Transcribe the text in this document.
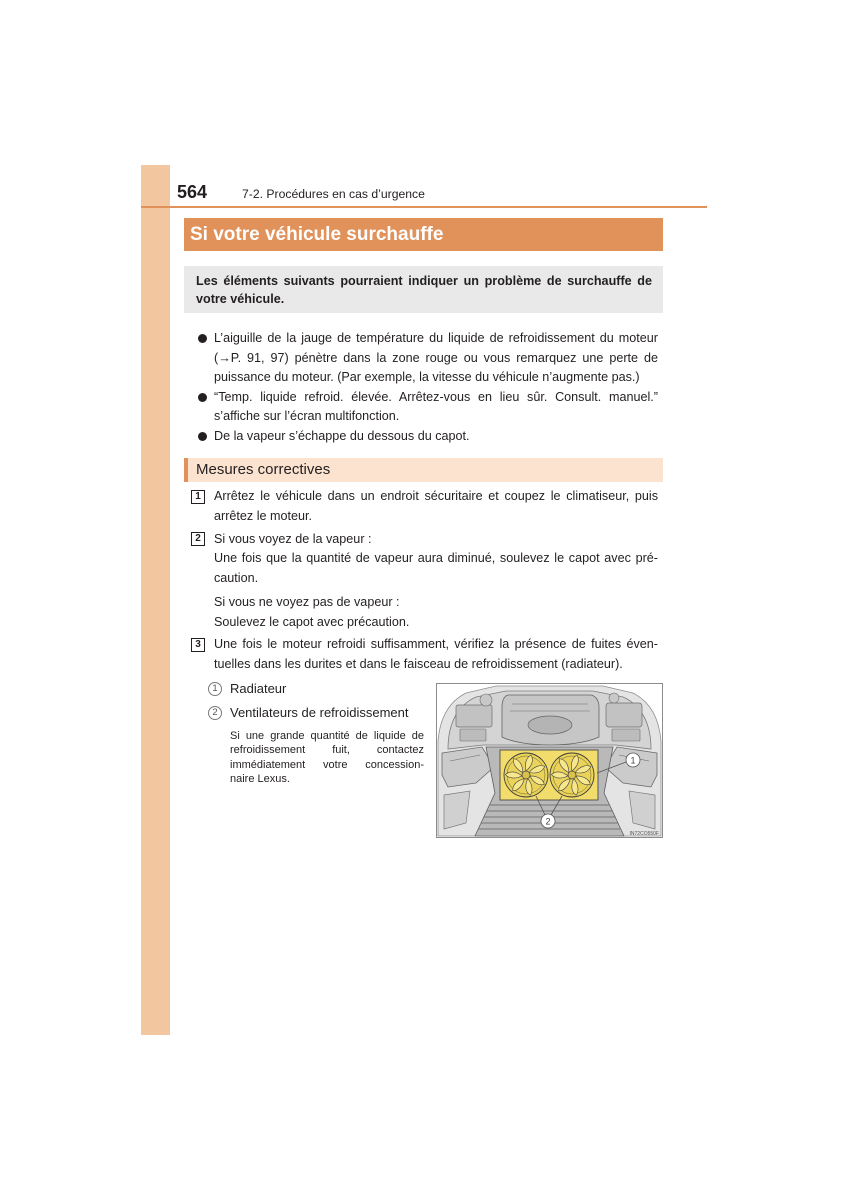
564	7-2. Procédures en cas d’urgence
Si votre véhicule surchauffe
Les éléments suivants pourraient indiquer un problème de surchauffe de
votre véhicule.
L’aiguille de la jauge de température du liquide de refroidissement du moteur
(→P. 91, 97) pénètre dans la zone rouge ou vous remarquez une perte de
puissance du moteur. (Par exemple, la vitesse du véhicule n’augmente pas.)
“Temp. liquide refroid. élevée. Arrêtez-vous en lieu sûr. Consult. manuel.”
s’affiche sur l’écran multifonction.
De la vapeur s’échappe du dessous du capot.
Mesures correctives
1	Arrêtez le véhicule dans un endroit sécuritaire et coupez le climatiseur, puis
arrêtez le moteur.
2	Si vous voyez de la vapeur :
Une fois que la quantité de vapeur aura diminué, soulevez le capot avec pré-
caution.
Si vous ne voyez pas de vapeur :
Soulevez le capot avec précaution.
3	Une fois le moteur refroidi suffisamment, vérifiez la présence de fuites éven-
tuelles dans les durites et dans le faisceau de refroidissement (radiateur).
1 Radiateur
2 Ventilateurs de refroidissement
Si une grande quantité de liquide de
refroidissement fuit, contactez
immédiatement votre concession-
naire Lexus.
1
2
IN72CO550F
